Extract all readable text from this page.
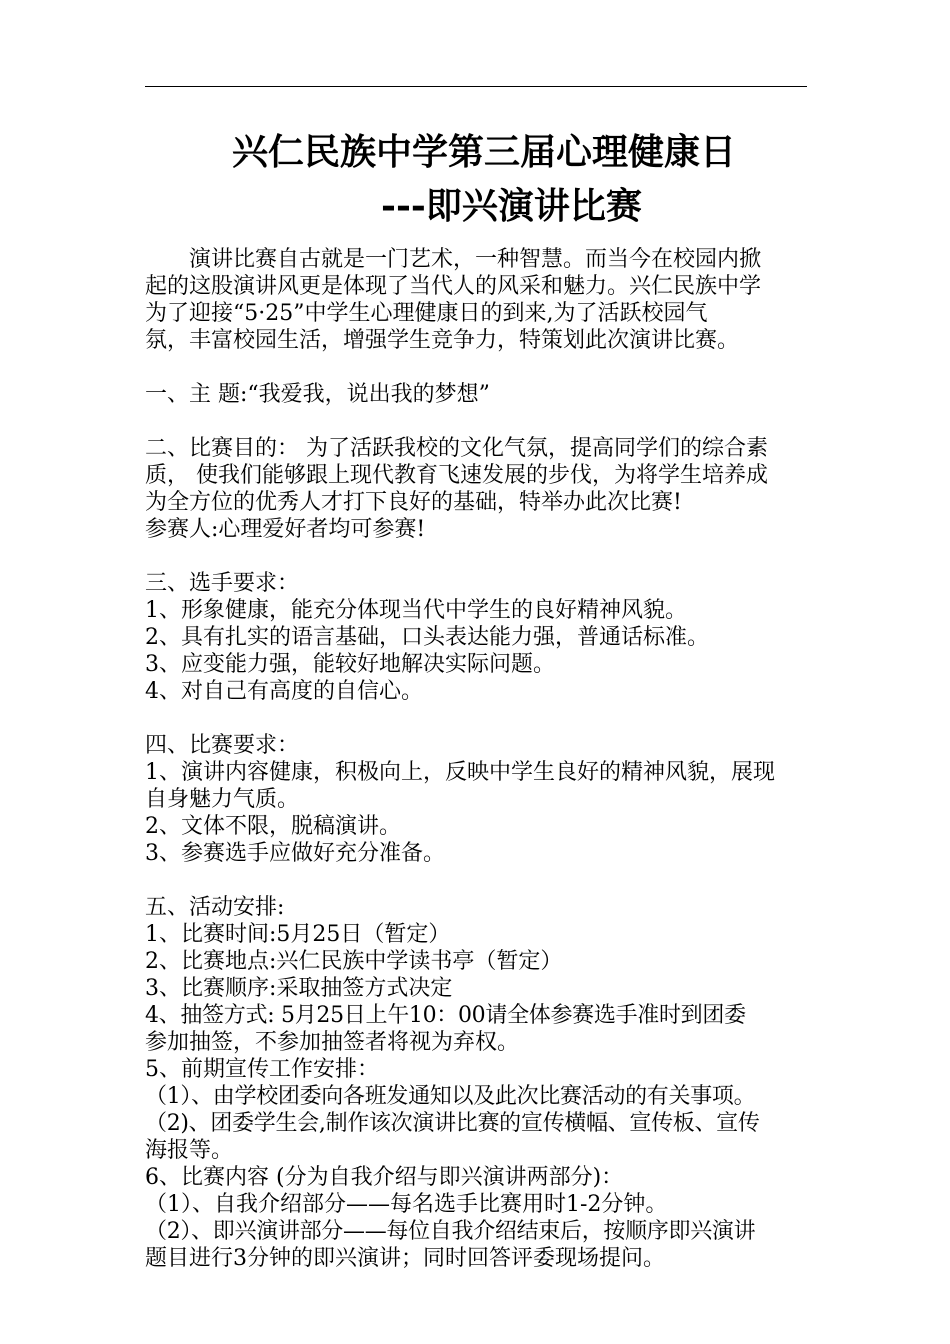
兴仁民族中学第三届心理健康日
---即兴演讲比赛
演讲比赛自古就是一门艺术，一种智慧。而当今在校园内掀
起的这股演讲风更是体现了当代人的风采和魅力。兴仁民族中学
为了迎接“5·25”中学生心理健康日的到来,为了活跃校园气
氛，丰富校园生活，增强学生竞争力，特策划此次演讲比赛。
一、主 题:“我爱我，说出我的梦想”
二、比赛目的： 为了活跃我校的文化气氛，提高同学们的综合素
质， 使我们能够跟上现代教育飞速发展的步伐，为将学生培养成
为全方位的优秀人才打下良好的基础，特举办此次比赛!
参赛人:心理爱好者均可参赛!
三、选手要求：
1、形象健康，能充分体现当代中学生的良好精神风貌。
2、具有扎实的语言基础，口头表达能力强，普通话标准。
3、应变能力强，能较好地解决实际问题。
4、对自己有高度的自信心。
四、比赛要求：
1、演讲内容健康，积极向上，反映中学生良好的精神风貌，展现
自身魅力气质。
2、文体不限，脱稿演讲。
3、参赛选手应做好充分准备。
五、活动安排:
1、比赛时间:5月25日（暂定）
2、比赛地点:兴仁民族中学读书亭（暂定）
3、比赛顺序:采取抽签方式决定
4、抽签方式: 5月25日上午10：00请全体参赛选手准时到团委
参加抽签，不参加抽签者将视为弃权。
5、前期宣传工作安排：
（1）、由学校团委向各班发通知以及此次比赛活动的有关事项。
（2)、团委学生会,制作该次演讲比赛的宣传横幅、宣传板、宣传
海报等。
6、比赛内容 (分为自我介绍与即兴演讲两部分)：
（1）、自我介绍部分——每名选手比赛用时1-2分钟。
（2）、即兴演讲部分——每位自我介绍结束后，按顺序即兴演讲
题目进行3分钟的即兴演讲；同时回答评委现场提问。
